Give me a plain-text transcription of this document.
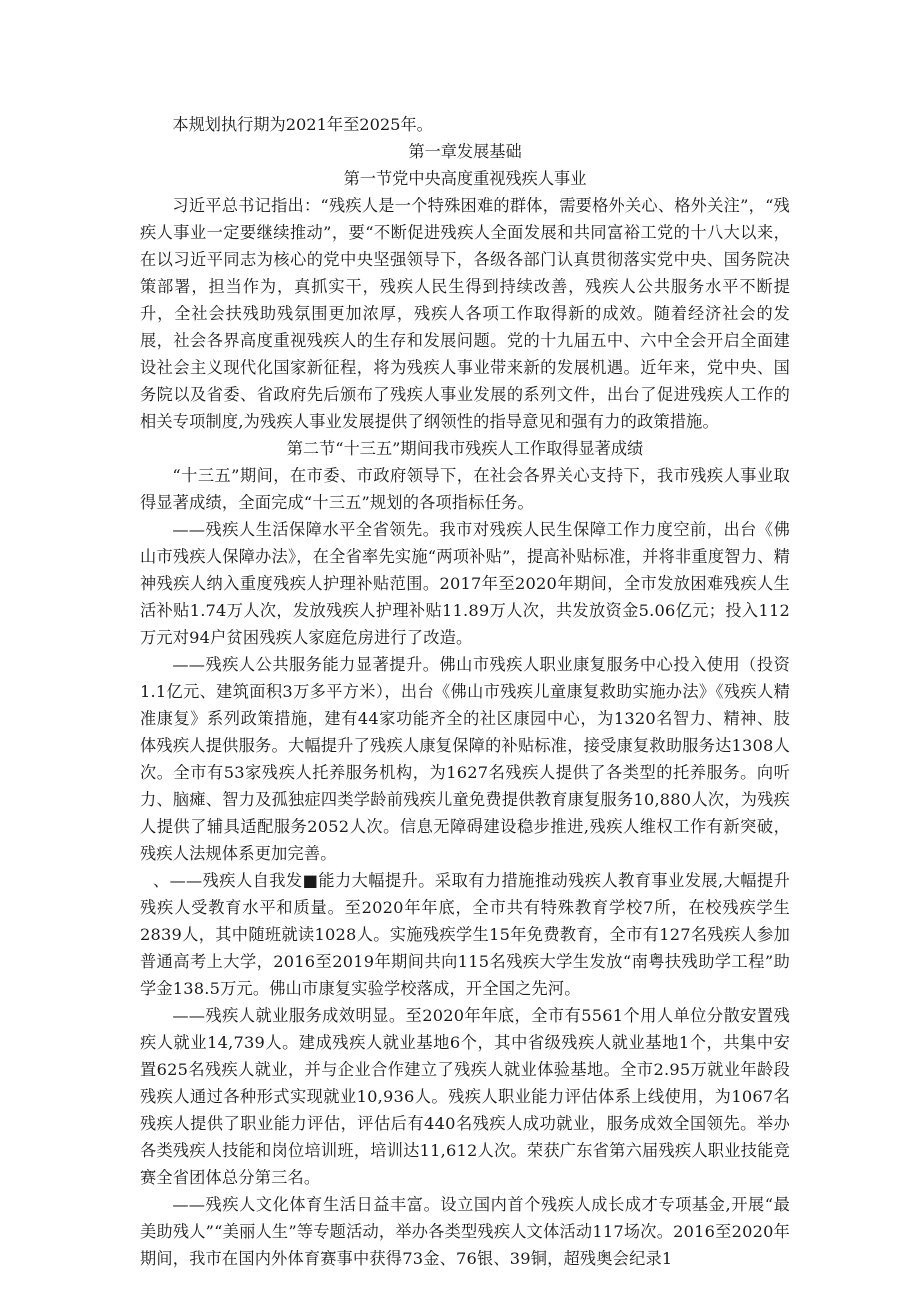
本规划执行期为2021年至2025年。

第一章发展基础

第一节党中央高度重视残疾人事业

习近平总书记指出：“残疾人是一个特殊困难的群体，需要格外关心、格外关注”，“残疾人事业一定要继续推动”，要“不断促进残疾人全面发展和共同富裕工党的十八大以来，在以习近平同志为核心的党中央坚强领导下，各级各部门认真贯彻落实党中央、国务院决策部署，担当作为，真抓实干，残疾人民生得到持续改善，残疾人公共服务水平不断提升，全社会扶残助残氛围更加浓厚，残疾人各项工作取得新的成效。随着经济社会的发展，社会各界高度重视残疾人的生存和发展问题。党的十九届五中、六中全会开启全面建设社会主义现代化国家新征程，将为残疾人事业带来新的发展机遇。近年来，党中央、国务院以及省委、省政府先后颁布了残疾人事业发展的系列文件，出台了促进残疾人工作的相关专项制度,为残疾人事业发展提供了纲领性的指导意见和强有力的政策措施。

第二节“十三五”期间我市残疾人工作取得显著成绩

“十三五”期间，在市委、市政府领导下，在社会各界关心支持下，我市残疾人事业取得显著成绩，全面完成“十三五”规划的各项指标任务。

——残疾人生活保障水平全省领先。我市对残疾人民生保障工作力度空前，出台《佛山市残疾人保障办法》，在全省率先实施“两项补贴”，提高补贴标准，并将非重度智力、精神残疾人纳入重度残疾人护理补贴范围。2017年至2020年期间，全市发放困难残疾人生活补贴1.74万人次，发放残疾人护理补贴11.89万人次，共发放资金5.06亿元；投入112万元对94户贫困残疾人家庭危房进行了改造。

——残疾人公共服务能力显著提升。佛山市残疾人职业康复服务中心投入使用（投资1.1亿元、建筑面积3万多平方米），出台《佛山市残疾儿童康复救助实施办法》《残疾人精准康复》系列政策措施，建有44家功能齐全的社区康园中心，为1320名智力、精神、肢体残疾人提供服务。大幅提升了残疾人康复保障的补贴标准，接受康复救助服务达1308人次。全市有53家残疾人托养服务机构，为1627名残疾人提供了各类型的托养服务。向听力、脑瘫、智力及孤独症四类学龄前残疾儿童免费提供教育康复服务10,880人次，为残疾人提供了辅具适配服务2052人次。信息无障碍建设稳步推进,残疾人维权工作有新突破，残疾人法规体系更加完善。

、——残疾人自我发■能力大幅提升。采取有力措施推动残疾人教育事业发展,大幅提升残疾人受教育水平和质量。至2020年年底，全市共有特殊教育学校7所，在校残疾学生2839人，其中随班就读1028人。实施残疾学生15年免费教育，全市有127名残疾人参加普通高考上大学，2016至2019年期间共向115名残疾大学生发放“南粤扶残助学工程”助学金138.5万元。佛山市康复实验学校落成，开全国之先河。

——残疾人就业服务成效明显。至2020年年底，全市有5561个用人单位分散安置残疾人就业14,739人。建成残疾人就业基地6个，其中省级残疾人就业基地1个，共集中安置625名残疾人就业，并与企业合作建立了残疾人就业体验基地。全市2.95万就业年龄段残疾人通过各种形式实现就业10,936人。残疾人职业能力评估体系上线使用，为1067名残疾人提供了职业能力评估，评估后有440名残疾人成功就业，服务成效全国领先。举办各类残疾人技能和岗位培训班，培训达11,612人次。荣获广东省第六届残疾人职业技能竞赛全省团体总分第三名。

——残疾人文化体育生活日益丰富。设立国内首个残疾人成长成才专项基金,开展“最美助残人”“美丽人生”等专题活动，举办各类型残疾人文体活动117场次。2016至2020年期间，我市在国内外体育赛事中获得73金、76银、39铜，超残奥会纪录1
